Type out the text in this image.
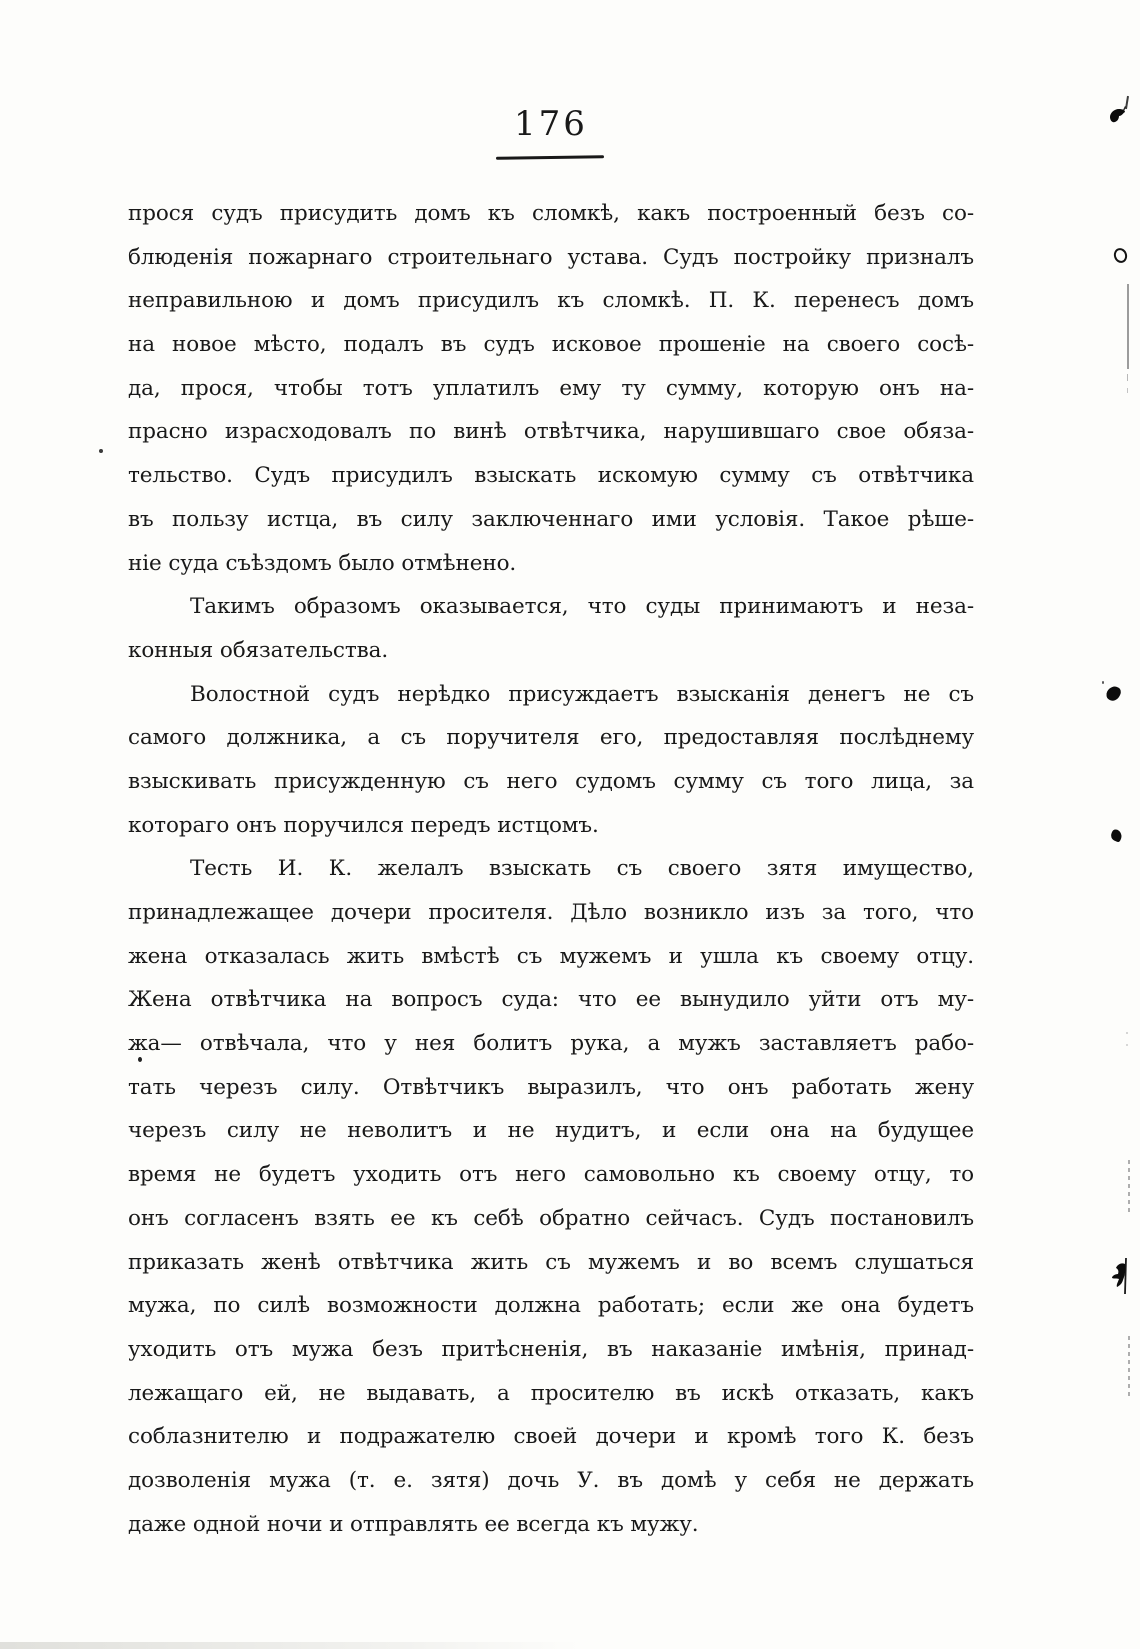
176
прося судъ присудить домъ къ сломкѣ, какъ построенный безъ со-
блюденія пожарнаго строительнаго устава. Судъ постройку призналъ
неправильною и домъ присудилъ къ сломкѣ. П. К. перенесъ домъ
на новое мѣсто, подалъ въ судъ исковое прошеніе на своего сосѣ-
да, прося, чтобы тотъ уплатилъ ему ту сумму, которую онъ на-
прасно израсходовалъ по винѣ отвѣтчика, нарушившаго свое обяза-
тельство. Судъ присудилъ взыскать искомую сумму съ отвѣтчика
въ пользу истца, въ силу заключеннаго ими условія. Такое рѣше-
ніе суда съѣздомъ было отмѣнено.
Такимъ образомъ оказывается, что суды принимаютъ и неза-
конныя обязательства.
Волостной судъ нерѣдко присуждаетъ взысканія денегъ не съ
самого должника, а съ поручителя его, предоставляя послѣднему
взыскивать присужденную съ него судомъ сумму съ того лица, за
котораго онъ поручился передъ истцомъ.
Тесть И. К. желалъ взыскать съ своего зятя имущество,
принадлежащее дочери просителя. Дѣло возникло изъ за того, что
жена отказалась жить вмѣстѣ съ мужемъ и ушла къ своему отцу.
Жена отвѣтчика на вопросъ суда: что ее вынудило уйти отъ му-
жа— отвѣчала, что у нея болитъ рука, а мужъ заставляетъ рабо-
тать черезъ силу. Отвѣтчикъ выразилъ, что онъ работать жену
черезъ силу не неволитъ и не нудитъ, и если она на будущее
время не будетъ уходить отъ него самовольно къ своему отцу, то
онъ согласенъ взять ее къ себѣ обратно сейчасъ. Судъ постановилъ
приказать женѣ отвѣтчика жить съ мужемъ и во всемъ слушаться
мужа, по силѣ возможности должна работать; если же она будетъ
уходить отъ мужа безъ притѣсненія, въ наказаніе имѣнія, принад-
лежащаго ей, не выдавать, а просителю въ искѣ отказать, какъ
соблазнителю и подражателю своей дочери и кромѣ того К. безъ
дозволенія мужа (т. е. зятя) дочь У. въ домѣ у себя не держать
даже одной ночи и отправлять ее всегда къ мужу.
